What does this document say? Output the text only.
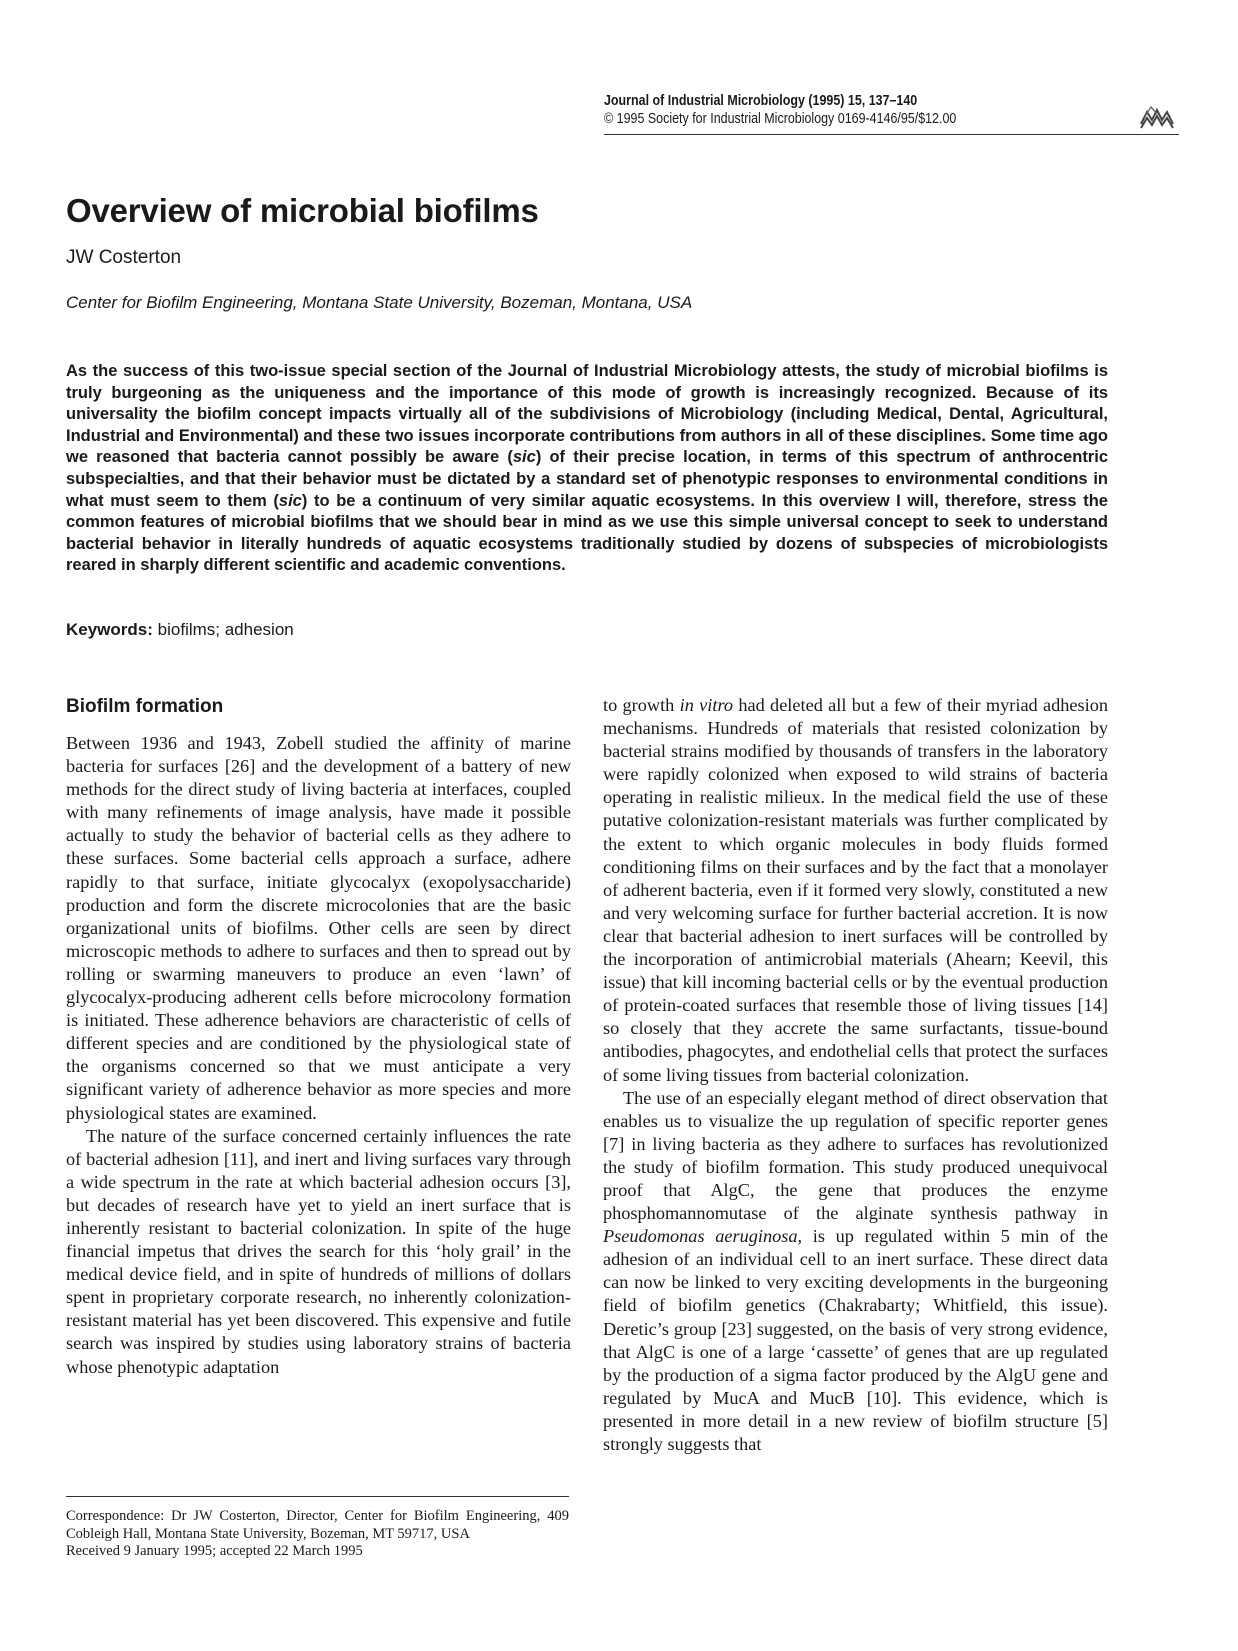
Journal of Industrial Microbiology (1995) 15, 137–140
© 1995 Society for Industrial Microbiology 0169-4146/95/$12.00
Overview of microbial biofilms
JW Costerton
Center for Biofilm Engineering, Montana State University, Bozeman, Montana, USA

As the success of this two-issue special section of the Journal of Industrial Microbiology attests, the study of microbial biofilms is truly burgeoning as the uniqueness and the importance of this mode of growth is increasingly recognized. Because of its universality the biofilm concept impacts virtually all of the subdivisions of Microbiology (including Medical, Dental, Agricultural, Industrial and Environmental) and these two issues incorporate contributions from authors in all of these disciplines. Some time ago we reasoned that bacteria cannot possibly be aware (sic) of their precise location, in terms of this spectrum of anthrocentric subspecialties, and that their behavior must be dictated by a standard set of phenotypic responses to environmental conditions in what must seem to them (sic) to be a continuum of very similar aquatic ecosystems. In this overview I will, therefore, stress the common features of microbial biofilms that we should bear in mind as we use this simple universal concept to seek to understand bacterial behavior in literally hundreds of aquatic ecosystems traditionally studied by dozens of subspecies of microbiologists reared in sharply different scientific and academic conventions.

Keywords: biofilms; adhesion
Biofilm formation

Between 1936 and 1943, Zobell studied the affinity of marine bacteria for surfaces [26] and the development of a battery of new methods for the direct study of living bacteria at interfaces, coupled with many refinements of image analysis, have made it possible actually to study the behavior of bacterial cells as they adhere to these surfaces. Some bacterial cells approach a surface, adhere rapidly to that surface, initiate glycocalyx (exopolysaccharide) production and form the discrete microcolonies that are the basic organizational units of biofilms. Other cells are seen by direct microscopic methods to adhere to surfaces and then to spread out by rolling or swarming maneuvers to produce an even ‘lawn’ of glycocalyx-producing adherent cells before microcolony formation is initiated. These adherence behaviors are characteristic of cells of different species and are conditioned by the physiological state of the organisms concerned so that we must anticipate a very significant variety of adherence behavior as more species and more physiological states are examined.

The nature of the surface concerned certainly influences the rate of bacterial adhesion [11], and inert and living surfaces vary through a wide spectrum in the rate at which bacterial adhesion occurs [3], but decades of research have yet to yield an inert surface that is inherently resistant to bacterial colonization. In spite of the huge financial impetus that drives the search for this ‘holy grail’ in the medical device field, and in spite of hundreds of millions of dollars spent in proprietary corporate research, no inherently colonization-resistant material has yet been discovered. This expensive and futile search was inspired by studies using laboratory strains of bacteria whose phenotypic adaptation

to growth in vitro had deleted all but a few of their myriad adhesion mechanisms. Hundreds of materials that resisted colonization by bacterial strains modified by thousands of transfers in the laboratory were rapidly colonized when exposed to wild strains of bacteria operating in realistic milieux. In the medical field the use of these putative colonization-resistant materials was further complicated by the extent to which organic molecules in body fluids formed conditioning films on their surfaces and by the fact that a monolayer of adherent bacteria, even if it formed very slowly, constituted a new and very welcoming surface for further bacterial accretion. It is now clear that bacterial adhesion to inert surfaces will be controlled by the incorporation of antimicrobial materials (Ahearn; Keevil, this issue) that kill incoming bacterial cells or by the eventual production of protein-coated surfaces that resemble those of living tissues [14] so closely that they accrete the same surfactants, tissue-bound antibodies, phagocytes, and endothelial cells that protect the surfaces of some living tissues from bacterial colonization.

The use of an especially elegant method of direct observation that enables us to visualize the up regulation of specific reporter genes [7] in living bacteria as they adhere to surfaces has revolutionized the study of biofilm formation. This study produced unequivocal proof that AlgC, the gene that produces the enzyme phosphomannomutase of the alginate synthesis pathway in Pseudomonas aeruginosa, is up regulated within 5 min of the adhesion of an individual cell to an inert surface. These direct data can now be linked to very exciting developments in the burgeoning field of biofilm genetics (Chakrabarty; Whitfield, this issue). Deretic’s group [23] suggested, on the basis of very strong evidence, that AlgC is one of a large ‘cassette’ of genes that are up regulated by the production of a sigma factor produced by the AlgU gene and regulated by MucA and MucB [10]. This evidence, which is presented in more detail in a new review of biofilm structure [5] strongly suggests that

Correspondence: Dr JW Costerton, Director, Center for Biofilm Engineering, 409 Cobleigh Hall, Montana State University, Bozeman, MT 59717, USA

Received 9 January 1995; accepted 22 March 1995
